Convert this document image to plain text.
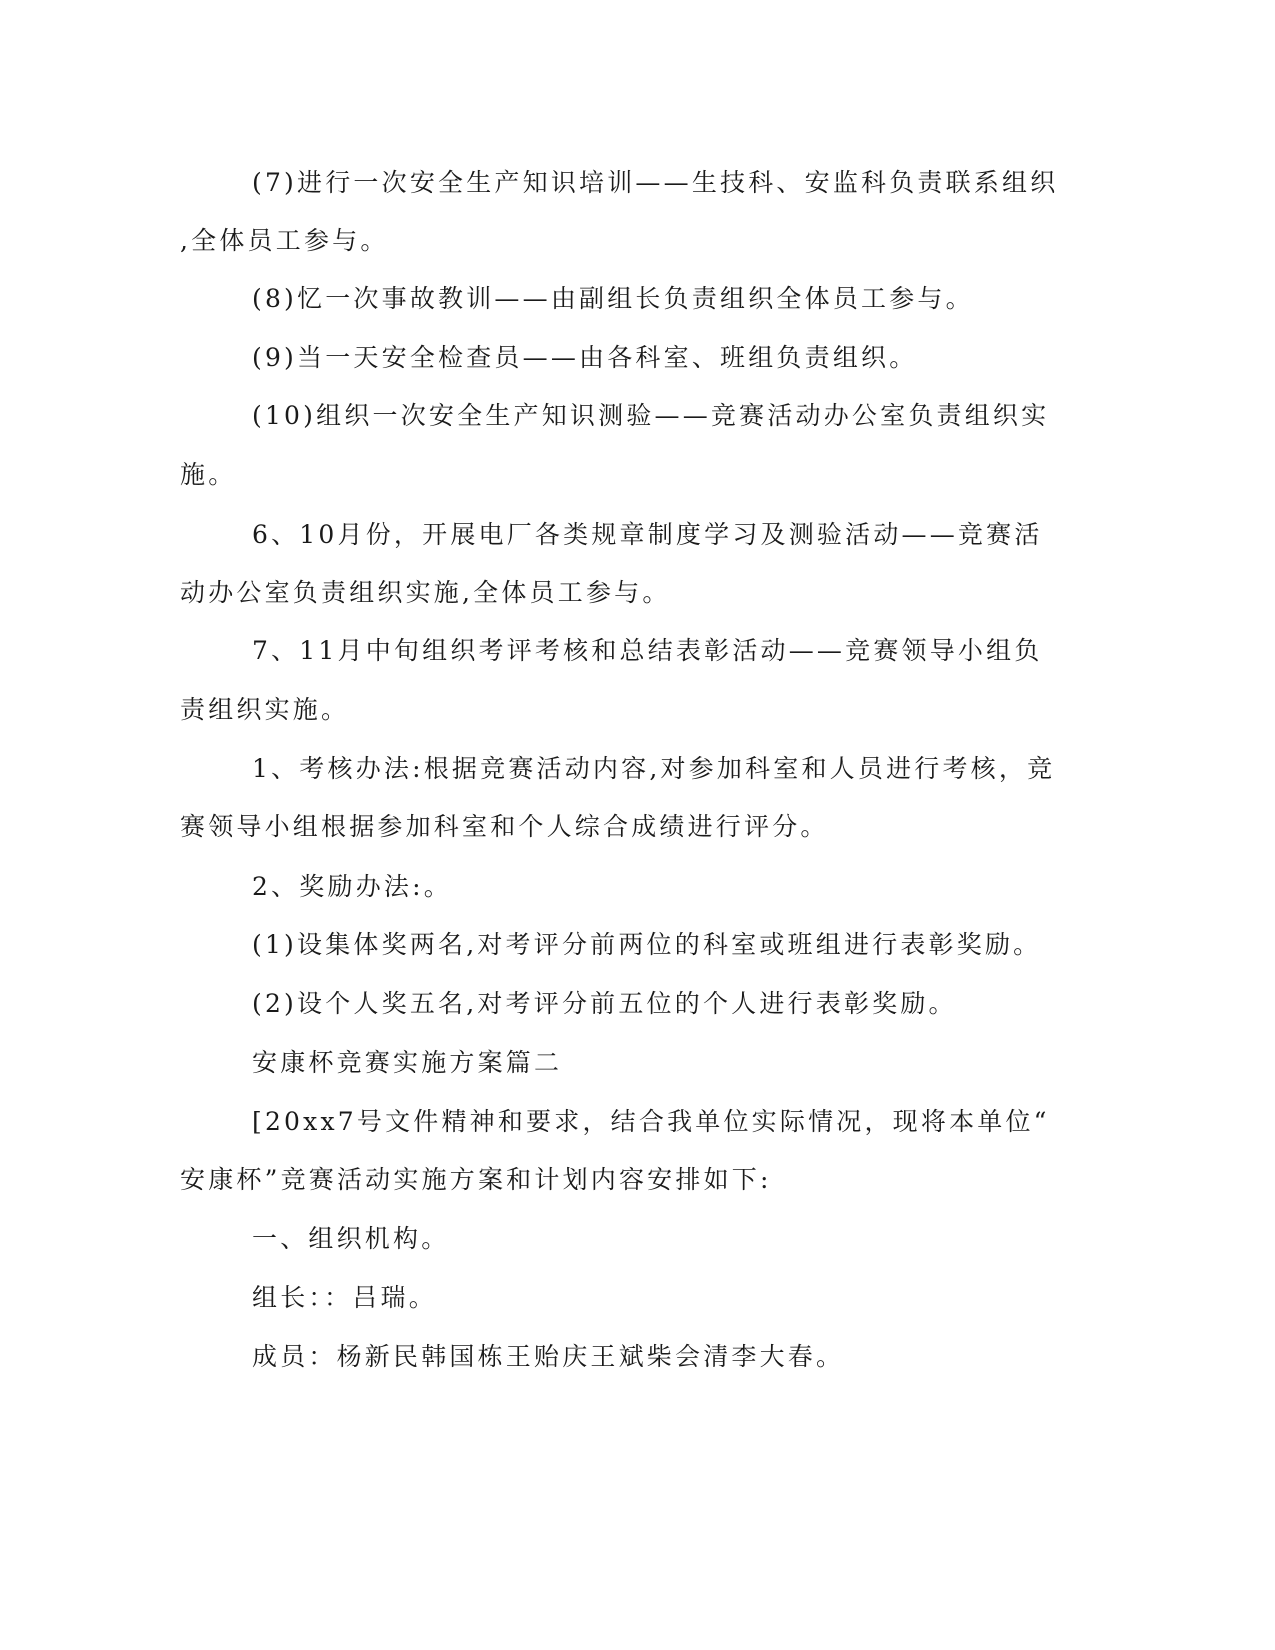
(7)进行一次安全生产知识培训——生技科、安监科负责联系组织

,全体员工参与。

(8)忆一次事故教训——由副组长负责组织全体员工参与。

(9)当一天安全检查员——由各科室、班组负责组织。

(10)组织一次安全生产知识测验——竞赛活动办公室负责组织实

施。

6、10月份，开展电厂各类规章制度学习及测验活动——竞赛活

动办公室负责组织实施,全体员工参与。

7、11月中旬组织考评考核和总结表彰活动——竞赛领导小组负

责组织实施。

1、考核办法:根据竞赛活动内容,对参加科室和人员进行考核，竞

赛领导小组根据参加科室和个人综合成绩进行评分。

2、奖励办法:。

(1)设集体奖两名,对考评分前两位的科室或班组进行表彰奖励。

(2)设个人奖五名,对考评分前五位的个人进行表彰奖励。

安康杯竞赛实施方案篇二

[20xx7号文件精神和要求，结合我单位实际情况，现将本单位“

安康杯”竞赛活动实施方案和计划内容安排如下:

一、组织机构。

组长：：吕瑞。

成员：杨新民韩国栋王贻庆王斌柴会清李大春。
